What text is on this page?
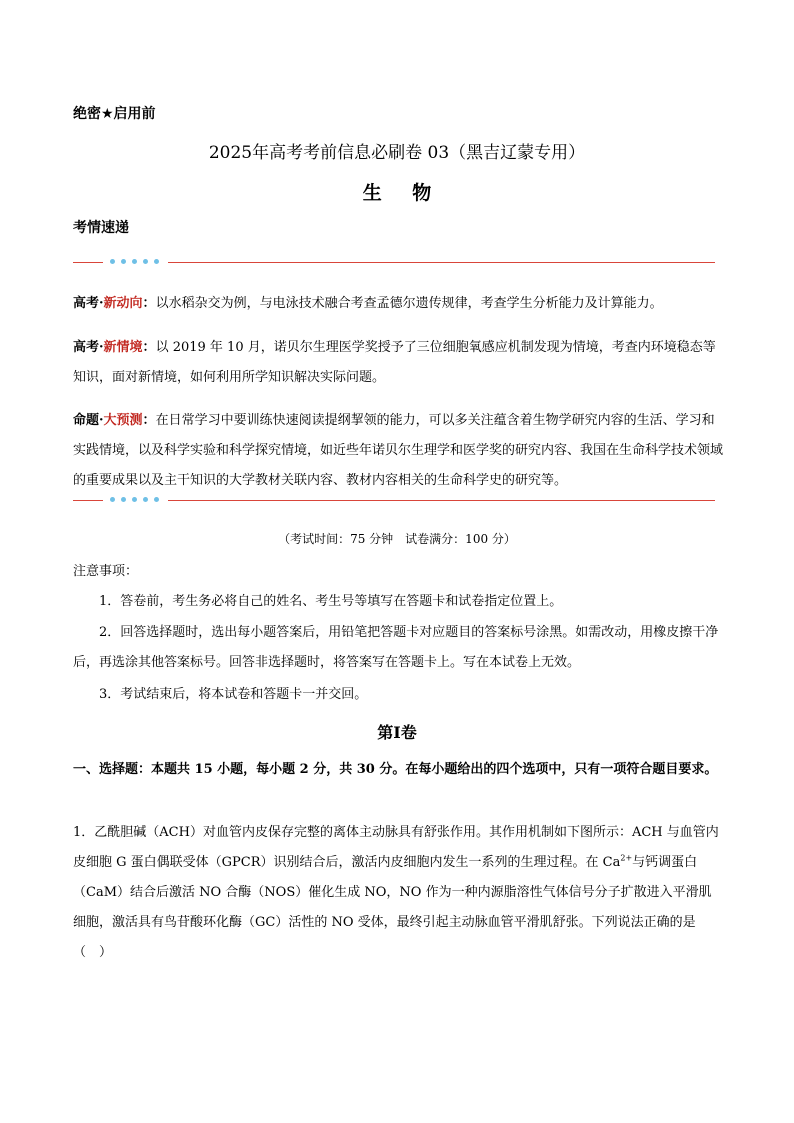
绝密★启用前
2025年高考考前信息必刷卷 03（黑吉辽蒙专用）
生 物
考情速递
高考·新动向：以水稻杂交为例，与电泳技术融合考查孟德尔遗传规律，考查学生分析能力及计算能力。
高考·新情境：以 2019 年 10 月，诺贝尔生理医学奖授予了三位细胞氧感应机制发现为情境，考查内环境稳态等知识，面对新情境，如何利用所学知识解决实际问题。
命题·大预测：在日常学习中要训练快速阅读提纲挈领的能力，可以多关注蕴含着生物学研究内容的生活、学习和实践情境，以及科学实验和科学探究情境，如近些年诺贝尔生理学和医学奖的研究内容、我国在生命科学技术领域的重要成果以及主干知识的大学教材关联内容、教材内容相关的生命科学史的研究等。
（考试时间：75 分钟　试卷满分：100 分）
注意事项：
1．答卷前，考生务必将自己的姓名、考生号等填写在答题卡和试卷指定位置上。
2．回答选择题时，选出每小题答案后，用铅笔把答题卡对应题目的答案标号涂黑。如需改动，用橡皮擦干净后，再选涂其他答案标号。回答非选择题时，将答案写在答题卡上。写在本试卷上无效。
3．考试结束后，将本试卷和答题卡一并交回。
第Ⅰ卷
一、选择题：本题共 15 小题，每小题 2 分，共 30 分。在每小题给出的四个选项中，只有一项符合题目要求。
1．乙酰胆碱（ACH）对血管内皮保存完整的离体主动脉具有舒张作用。其作用机制如下图所示：ACH 与血管内皮细胞 G 蛋白偶联受体（GPCR）识别结合后，激活内皮细胞内发生一系列的生理过程。在 $Ca^{2+}$与钙调蛋白（CaM）结合后激活 NO 合酶（NOS）催化生成 NO，NO 作为一种内源脂溶性气体信号分子扩散进入平滑肌细胞，激活具有鸟苷酸环化酶（GC）活性的 NO 受体，最终引起主动脉血管平滑肌舒张。下列说法正确的是（　）
